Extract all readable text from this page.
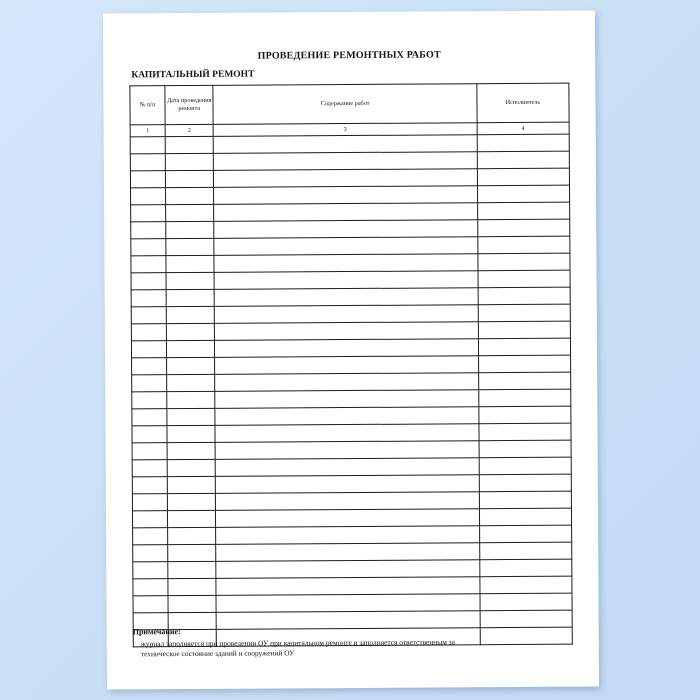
ПРОВЕДЕНИЕ РЕМОНТНЫХ РАБОТ
КАПИТАЛЬНЫЙ РЕМОНТ
№ п/п	Дата проведения ремонта	Содержание работ	Исполнитель
1	2	3	4

Примечание:
журнал заполняется при проведении ОУ при капитальном ремонте и заполняется ответственным за
техническое состояние зданий и сооружений ОУ
